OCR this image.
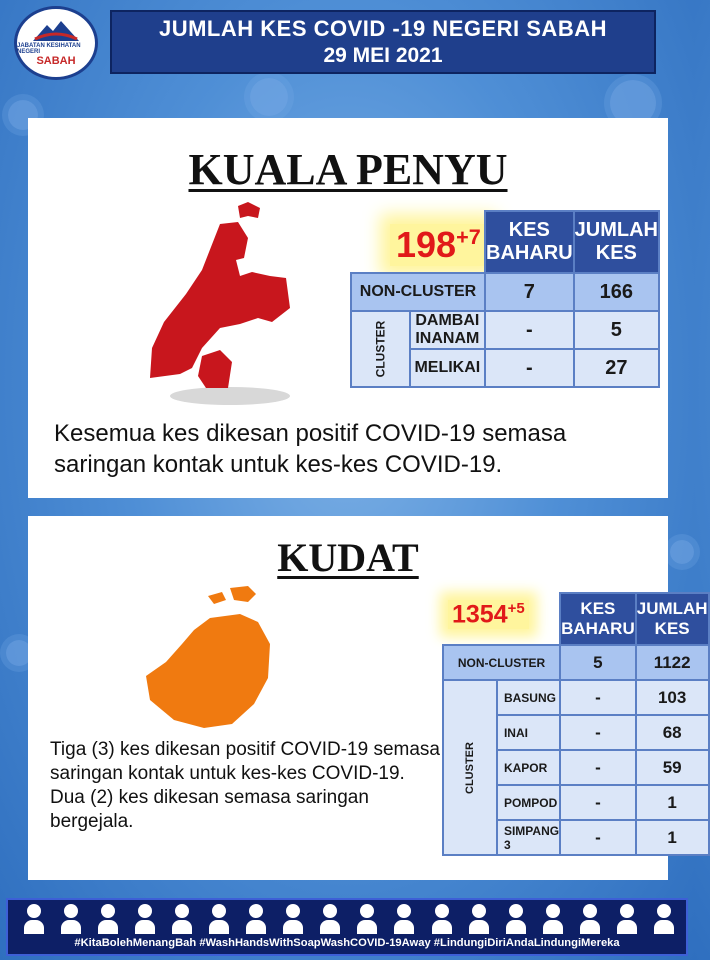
JABATAN KESIHATAN NEGERI
SABAH
JUMLAH KES COVID -19 NEGERI SABAH
29 MEI 2021
KUALA PENYU
$198^{+7}$
		KES BAHARU	JUMLAH KES
NON-CLUSTER		7	166
CLUSTER	DAMBAI INANAM	-	5
	MELIKAI	-	27
Kesemua kes dikesan positif COVID-19 semasa saringan kontak untuk kes-kes COVID-19.
KUDAT
$1354^{+5}$
		KES BAHARU	JUMLAH KES
NON-CLUSTER		5	1122
CLUSTER	BASUNG	-	103
	INAI	-	68
	KAPOR	-	59
	POMPOD	-	1
	SIMPANG 3	-	1
Tiga (3) kes dikesan positif COVID-19 semasa saringan kontak untuk kes-kes COVID-19.
Dua (2) kes dikesan semasa saringan bergejala.
#KitaBolehMenangBah #WashHandsWithSoapWashCOVID-19Away #LindungiDiriAndaLindungiMereka
